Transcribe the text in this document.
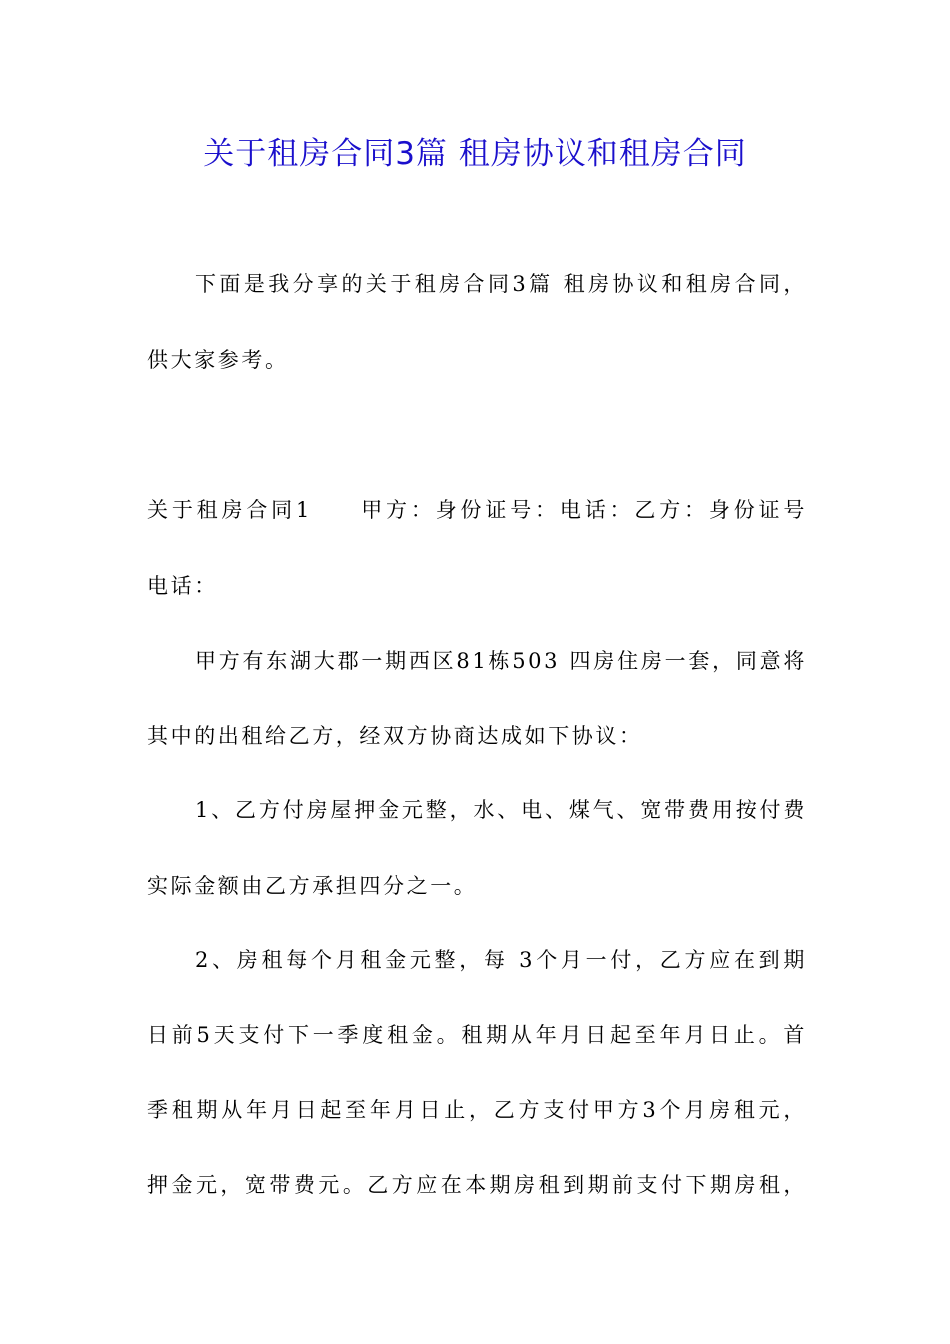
关于租房合同3篇 租房协议和租房合同
下面是我分享的关于租房合同3篇 租房协议和租房合同，
供大家参考。
关于租房合同1 甲方：身份证号：电话：乙方：身份证号
电话：
甲方有东湖大郡一期西区81栋503 四房住房一套，同意将
其中的出租给乙方，经双方协商达成如下协议：
1、乙方付房屋押金元整，水、电、煤气、宽带费用按付费
实际金额由乙方承担四分之一。
2、房租每个月租金元整，每 3个月一付，乙方应在到期
日前5天支付下一季度租金。租期从年月日起至年月日止。首
季租期从年月日起至年月日止，乙方支付甲方3个月房租元，
押金元，宽带费元。乙方应在本期房租到期前支付下期房租，
